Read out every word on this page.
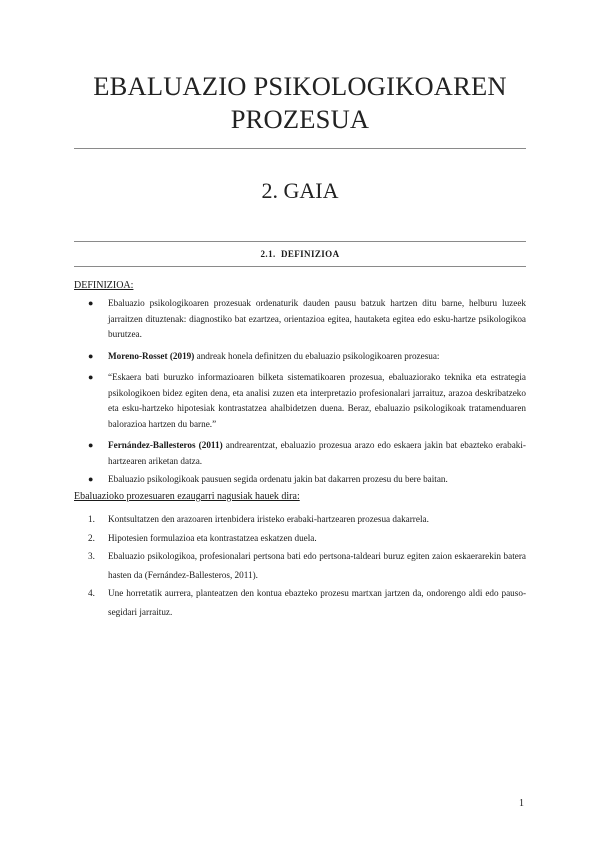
EBALUAZIO PSIKOLOGIKOAREN
PROZESUA
2. GAIA
2.1. DEFINIZIOA

DEFINIZIOA:

● Ebaluazio psikologikoaren prozesuak ordenaturik dauden pausu batzuk hartzen ditu barne, helburu luzeek jarraitzen dituztenak: diagnostiko bat ezartzea, orientazioa egitea, hautaketa egitea edo esku-hartze psikologikoa burutzea.
● Moreno-Rosset (2019) andreak honela definitzen du ebaluazio psikologikoaren prozesua:
● “Eskaera bati buruzko informazioaren bilketa sistematikoaren prozesua, ebaluaziorako teknika eta estrategia psikologikoen bidez egiten dena, eta analisi zuzen eta interpretazio profesionalari jarraituz, arazoa deskribatzeko eta esku-hartzeko hipotesiak kontrastatzea ahalbidetzen duena. Beraz, ebaluazio psikologikoak tratamenduaren balorazioa hartzen du barne.”
● Fernández-Ballesteros (2011) andrearentzat, ebaluazio prozesua arazo edo eskaera jakin bat ebazteko erabaki-hartzearen ariketan datza.
● Ebaluazio psikologikoak pausuen segida ordenatu jakin bat dakarren prozesu du bere baitan.

Ebaluazioko prozesuaren ezaugarri nagusiak hauek dira:

1. Kontsultatzen den arazoaren irtenbidera iristeko erabaki-hartzearen prozesua dakarrela.
2. Hipotesien formulazioa eta kontrastatzea eskatzen duela.
3. Ebaluazio psikologikoa, profesionalari pertsona bati edo pertsona-taldeari buruz egiten zaion eskaerarekin batera hasten da (Fernández-Ballesteros, 2011).
4. Une horretatik aurrera, planteatzen den kontuа ebazteko prozesu martxan jartzen da, ondorengo aldi edo pauso-segidari jarraituz.
1
